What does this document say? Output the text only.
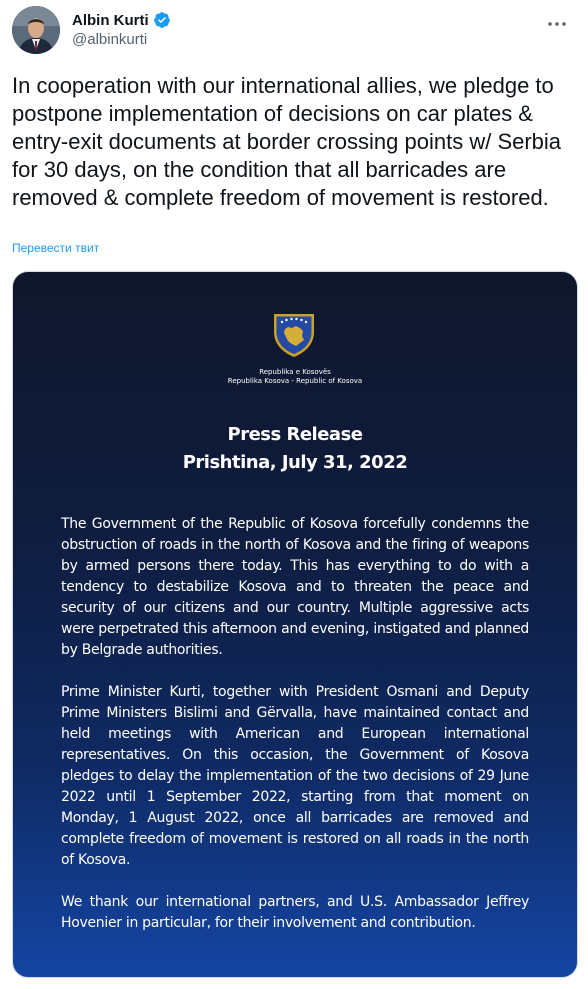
Albin Kurti
@albinkurti
In cooperation with our international allies, we pledge to postpone implementation of decisions on car plates & entry-exit documents at border crossing points w/ Serbia for 30 days, on the condition that all barricades are removed & complete freedom of movement is restored.
Перевести твит
Republika e Kosovës
Republika Kosova - Republic of Kosova
Press Release
Prishtina, July 31, 2022

The Government of the Republic of Kosova forcefully condemns the obstruction of roads in the north of Kosova and the firing of weapons by armed persons there today. This has everything to do with a tendency to destabilize Kosova and to threaten the peace and security of our citizens and our country. Multiple aggressive acts were perpetrated this afternoon and evening, instigated and planned by Belgrade authorities.

Prime Minister Kurti, together with President Osmani and Deputy Prime Ministers Bislimi and Gërvalla, have maintained contact and held meetings with American and European international representatives. On this occasion, the Government of Kosova pledges to delay the implementation of the two decisions of 29 June 2022 until 1 September 2022, starting from that moment on Monday, 1 August 2022, once all barricades are removed and complete freedom of movement is restored on all roads in the north of Kosova.

We thank our international partners, and U.S. Ambassador Jeffrey Hovenier in particular, for their involvement and contribution.
